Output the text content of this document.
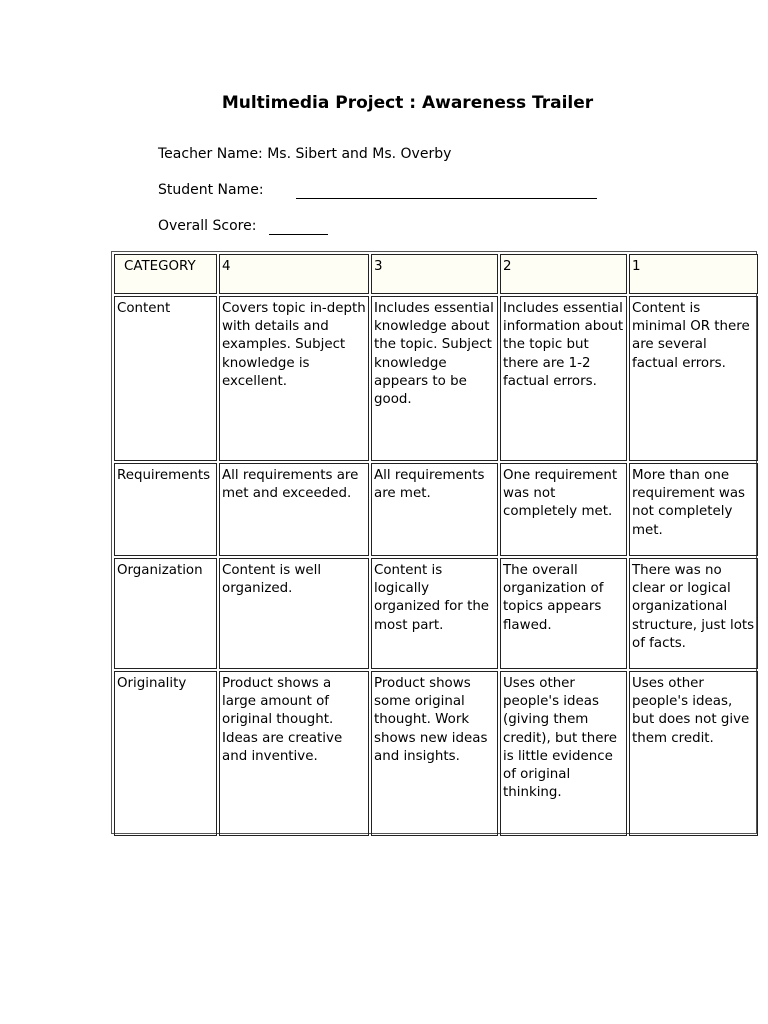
Multimedia Project : Awareness Trailer
Teacher Name: Ms. Sibert and Ms. Overby
Student Name:
Overall Score:
CATEGORY	4	3	2	1
Content	Covers topic in-depth with details and examples. Subject knowledge is excellent.	Includes essential knowledge about the topic. Subject knowledge appears to be good.	Includes essential information about the topic but there are 1-2 factual errors.	Content is minimal OR there are several factual errors.
Requirements	All requirements are met and exceeded.	All requirements are met.	One requirement was not completely met.	More than one requirement was not completely met.
Organization	Content is well organized.	Content is logically organized for the most part.	The overall organization of topics appears flawed.	There was no clear or logical organizational structure, just lots of facts.
Originality	Product shows a large amount of original thought. Ideas are creative and inventive.	Product shows some original thought. Work shows new ideas and insights.	Uses other people's ideas (giving them credit), but there is little evidence of original thinking.	Uses other people's ideas, but does not give them credit.
